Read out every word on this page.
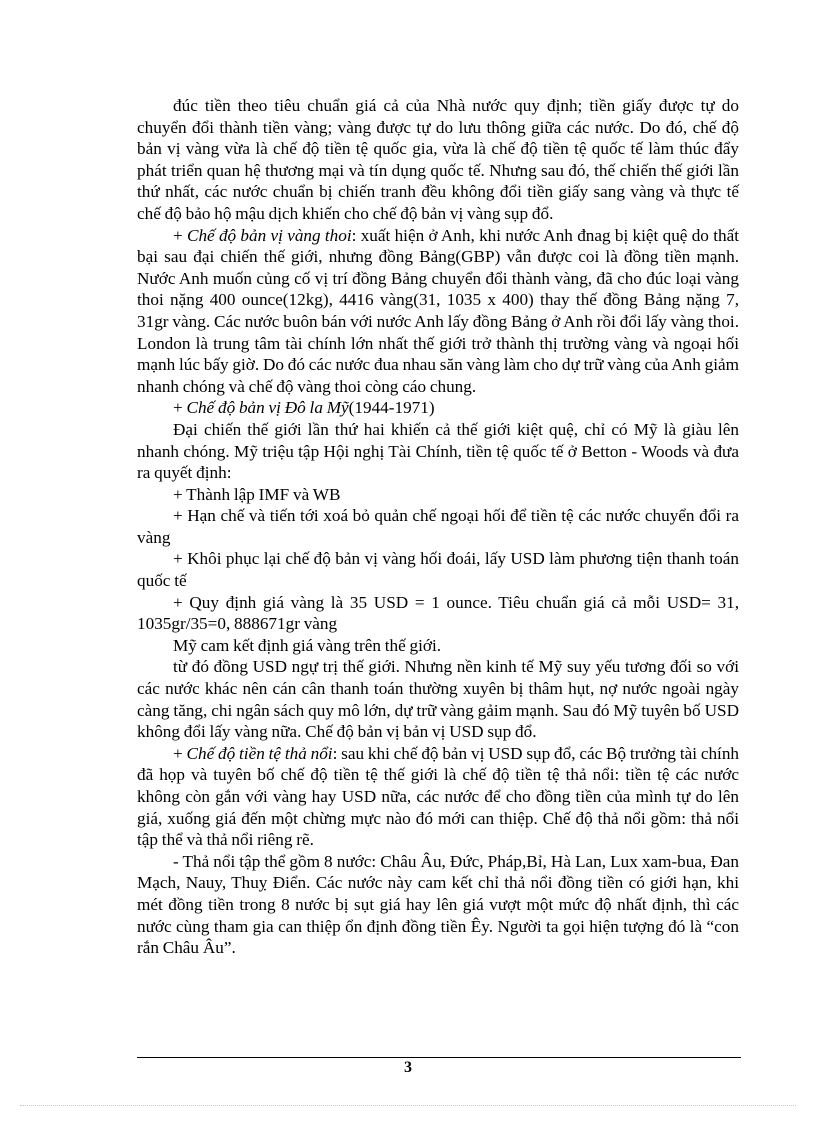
đúc tiền theo tiêu chuẩn giá cả của Nhà nước quy định; tiền giấy được tự do chuyển đổi thành tiền vàng; vàng được tự do lưu thông giữa các nước. Do đó, chế độ bản vị vàng vừa là chế độ tiền tệ quốc gia, vừa là chế độ tiền tệ quốc tế làm thúc đẩy phát triển quan hệ thương mại và tín dụng quốc tế. Nhưng sau đó, thế chiến thế giới lần thứ nhất, các nước chuẩn bị chiến tranh đều không đổi tiền giấy sang vàng và thực tế chế độ bảo hộ mậu dịch khiến cho chế độ bản vị vàng sụp đổ.

+ Chế độ bản vị vàng thoi: xuất hiện ở Anh, khi nước Anh đnag bị kiệt quệ do thất bại sau đại chiến thế giới, nhưng đồng Bảng(GBP) vẫn được coi là đồng tiền mạnh. Nước Anh muốn củng cố vị trí đồng Bảng chuyển đổi thành vàng, đã cho đúc loại vàng thoi nặng 400 ounce(12kg), 4416 vàng(31, 1035 x 400) thay thế đồng Bảng nặng 7, 31gr vàng. Các nước buôn bán với nước Anh lấy đồng Bảng ở Anh rồi đổi lấy vàng thoi. London là trung tâm tài chính lớn nhất thế giới trở thành thị trường vàng và ngoại hối mạnh lúc bấy giờ. Do đó các nước đua nhau săn vàng làm cho dự trữ vàng của Anh giảm nhanh chóng và chế độ vàng thoi còng cáo chung.

+ Chế độ bản vị Đô la Mỹ(1944-1971)

Đại chiến thế giới lần thứ hai khiến cả thế giới kiệt quệ, chỉ có Mỹ là giàu lên nhanh chóng. Mỹ triệu tập Hội nghị Tài Chính, tiền tệ quốc tế ở Betton - Woods và đưa ra quyết định:

+ Thành lập IMF và WB

+ Hạn chế và tiến tới xoá bỏ quản chế ngoại hối để tiền tệ các nước chuyển đổi ra vàng

+ Khôi phục lại chế độ bản vị vàng hối đoái, lấy USD làm phương tiện thanh toán quốc tế

+ Quy định giá vàng là 35 USD = 1 ounce. Tiêu chuẩn giá cả mỗi USD= 31, 1035gr/35=0, 888671gr vàng

Mỹ cam kết định giá vàng trên thế giới.

từ đó đồng USD ngự trị thế giới. Nhưng nền kinh tế Mỹ suy yếu tương đối so với các nước khác nên cán cân thanh toán thường xuyên bị thâm hụt, nợ nước ngoài ngày càng tăng, chi ngân sách quy mô lớn, dự trữ vàng gảim mạnh. Sau đó Mỹ tuyên bố USD không đổi lấy vàng nữa. Chế độ bản vị bản vị USD sụp đổ.

+ Chế độ tiền tệ thả nổi: sau khi chế độ bản vị USD sụp đổ, các Bộ trưởng tài chính đã họp và tuyên bố chế độ tiền tệ thế giới là chế độ tiền tệ thả nổi: tiền tệ các nước không còn gắn với vàng hay USD nữa, các nước để cho đồng tiền của mình tự do lên giá, xuống giá đến một chừng mực nào đó mới can thiệp. Chế độ thả nổi gồm: thả nổi tập thể và thả nổi riêng rẽ.

- Thả nổi tập thể gồm 8 nước: Châu Âu, Đức, Pháp,Bỉ, Hà Lan, Lux xam-bua, Đan Mạch, Nauy, Thuỵ Điển. Các nước này cam kết chỉ thả nổi đồng tiền có giới hạn, khi mét đồng tiền trong 8 nước bị sụt giá hay lên giá vượt một mức độ nhất định, thì các nước cùng tham gia can thiệp ổn định đồng tiền Êy. Người ta gọi hiện tượng đó là “con rắn Châu Âu”.

3
